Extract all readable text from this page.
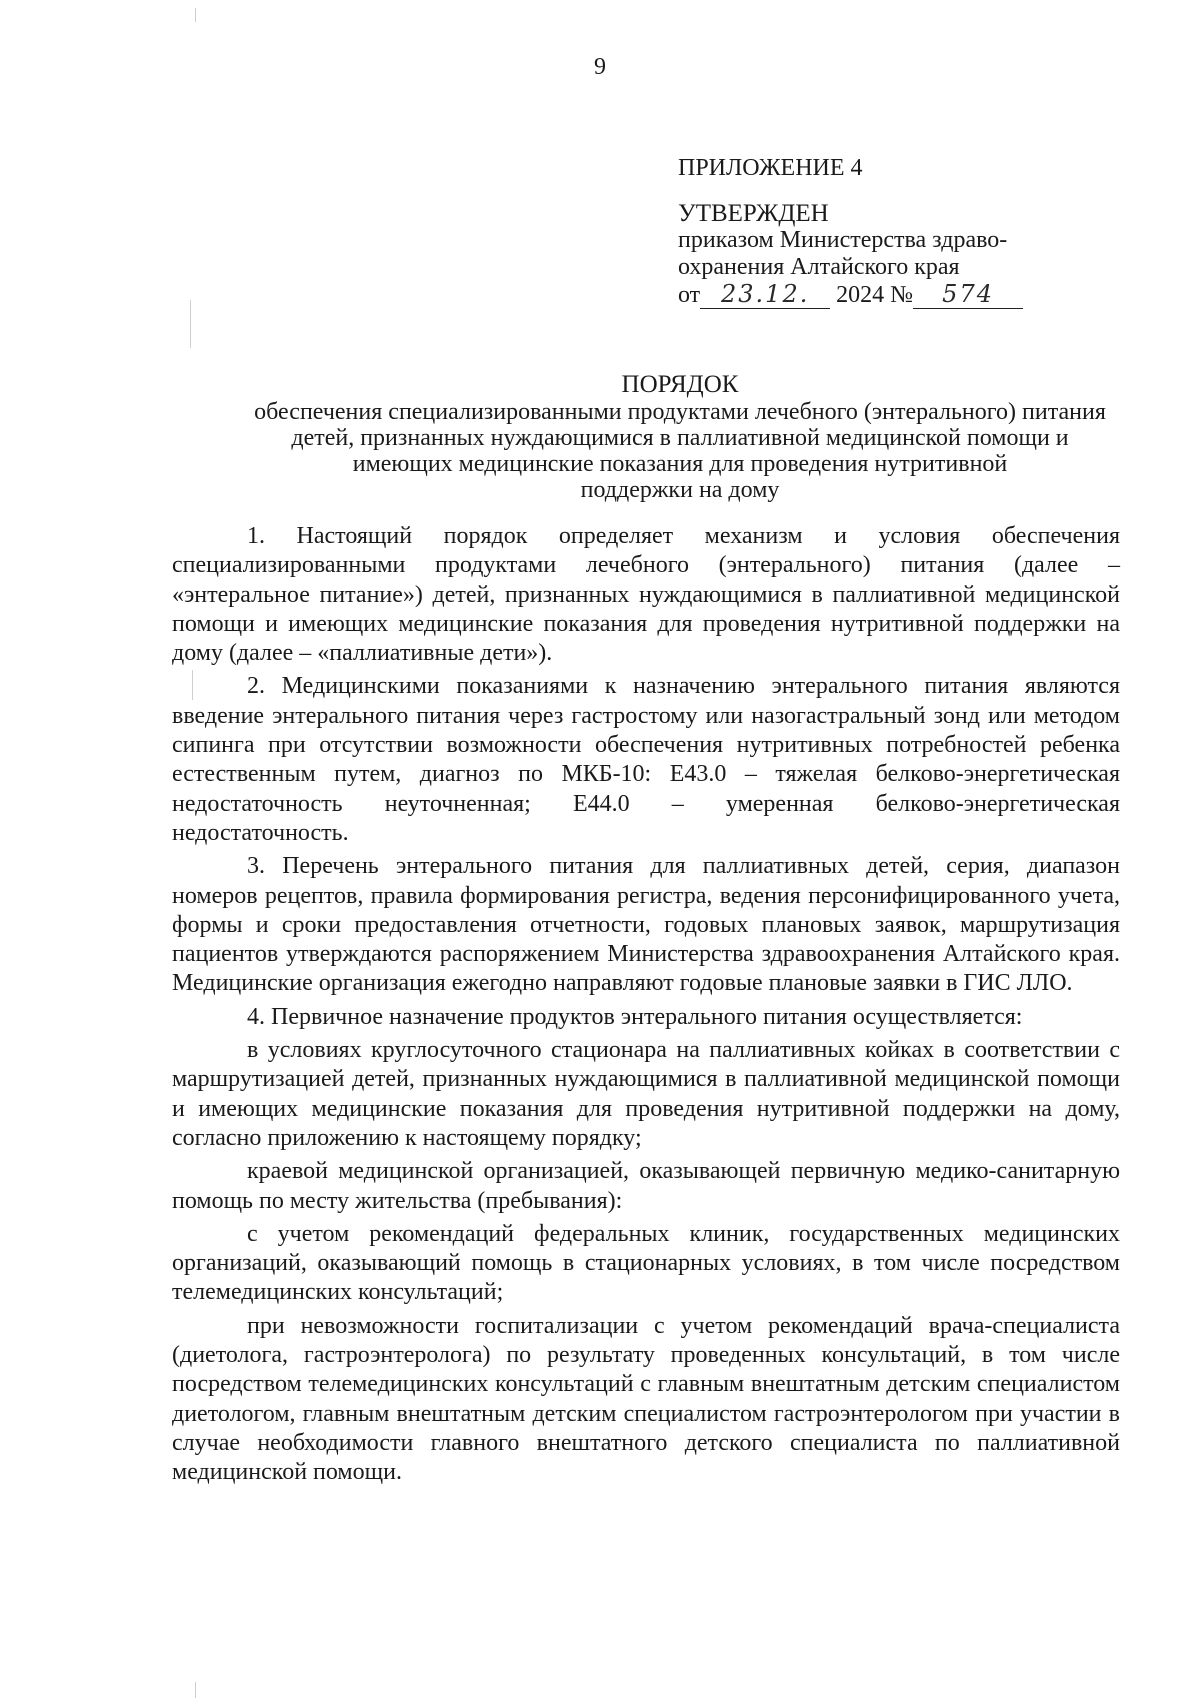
9
ПРИЛОЖЕНИЕ 4
УТВЕРЖДЕН
приказом Министерства здраво-
охранения Алтайского края
от 23.12. 2024 № 574
ПОРЯДОК
обеспечения специализированными продуктами лечебного (энтерального) питания
детей, признанных нуждающимися в паллиативной медицинской помощи и
имеющих медицинские показания для проведения нутритивной
поддержки на дому

1. Настоящий порядок определяет механизм и условия обеспечения специализированными продуктами лечебного (энтерального) питания (далее – «энтеральное питание») детей, признанных нуждающимися в паллиативной медицинской помощи и имеющих медицинские показания для проведения нутритивной поддержки на дому (далее – «паллиативные дети»).

2. Медицинскими показаниями к назначению энтерального питания являются введение энтерального питания через гастростому или назогастральный зонд или методом сипинга при отсутствии возможности обеспечения нутритивных потребностей ребенка естественным путем, диагноз по МКБ-10: E43.0 – тяжелая белково-энергетическая недостаточность неуточненная; E44.0 – умеренная белково-энергетическая недостаточность.

3. Перечень энтерального питания для паллиативных детей, серия, диапазон номеров рецептов, правила формирования регистра, ведения персонифицированного учета, формы и сроки предоставления отчетности, годовых плановых заявок, маршрутизация пациентов утверждаются распоряжением Министерства здравоохранения Алтайского края. Медицинские организация ежегодно направляют годовые плановые заявки в ГИС ЛЛО.

4. Первичное назначение продуктов энтерального питания осуществляется:

в условиях круглосуточного стационара на паллиативных койках в соответствии с маршрутизацией детей, признанных нуждающимися в паллиативной медицинской помощи и имеющих медицинские показания для проведения нутритивной поддержки на дому, согласно приложению к настоящему порядку;

краевой медицинской организацией, оказывающей первичную медико-санитарную помощь по месту жительства (пребывания):

с учетом рекомендаций федеральных клиник, государственных медицинских организаций, оказывающий помощь в стационарных условиях, в том числе посредством телемедицинских консультаций;

при невозможности госпитализации с учетом рекомендаций врача-специалиста (диетолога, гастроэнтеролога) по результату проведенных консультаций, в том числе посредством телемедицинских консультаций с главным внештатным детским специалистом диетологом, главным внештатным детским специалистом гастроэнтерологом при участии в случае необходимости главного внештатного детского специалиста по паллиативной медицинской помощи.
